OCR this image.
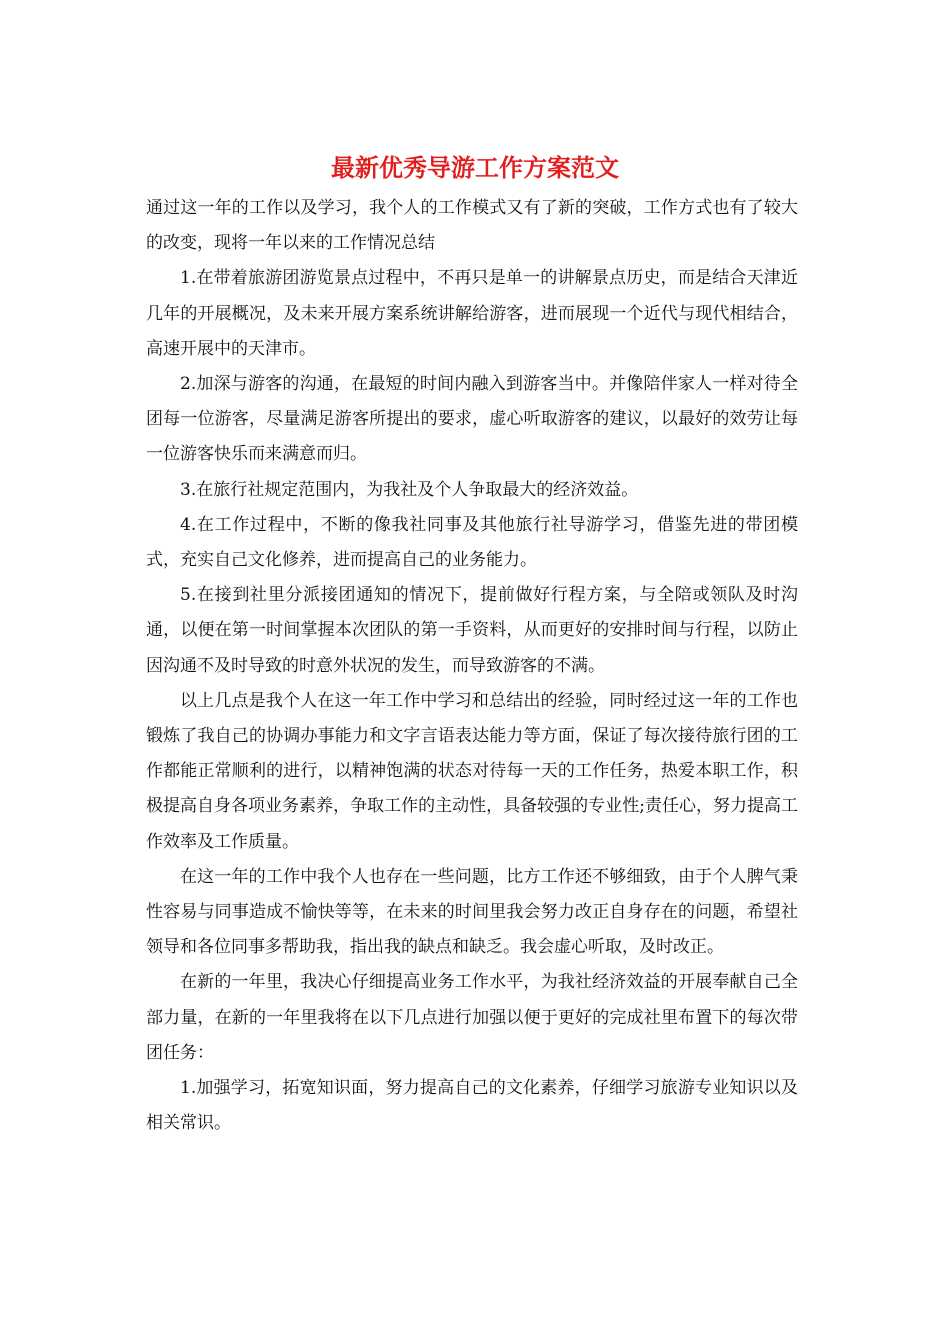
最新优秀导游工作方案范文

通过这一年的工作以及学习，我个人的工作模式又有了新的突破，工作方式也有了较大的改变，现将一年以来的工作情况总结

1.在带着旅游团游览景点过程中，不再只是单一的讲解景点历史，而是结合天津近几年的开展概况，及未来开展方案系统讲解给游客，进而展现一个近代与现代相结合，高速开展中的天津市。

2.加深与游客的沟通，在最短的时间内融入到游客当中。并像陪伴家人一样对待全团每一位游客，尽量满足游客所提出的要求，虚心听取游客的建议，以最好的效劳让每一位游客快乐而来满意而归。

3.在旅行社规定范围内，为我社及个人争取最大的经济效益。

4.在工作过程中，不断的像我社同事及其他旅行社导游学习，借鉴先进的带团模式，充实自己文化修养，进而提高自己的业务能力。

5.在接到社里分派接团通知的情况下，提前做好行程方案，与全陪或领队及时沟通，以便在第一时间掌握本次团队的第一手资料，从而更好的安排时间与行程，以防止因沟通不及时导致的时意外状况的发生，而导致游客的不满。

以上几点是我个人在这一年工作中学习和总结出的经验，同时经过这一年的工作也锻炼了我自己的协调办事能力和文字言语表达能力等方面，保证了每次接待旅行团的工作都能正常顺利的进行，以精神饱满的状态对待每一天的工作任务，热爱本职工作，积极提高自身各项业务素养，争取工作的主动性，具备较强的专业性;责任心，努力提高工作效率及工作质量。

在这一年的工作中我个人也存在一些问题，比方工作还不够细致，由于个人脾气秉性容易与同事造成不愉快等等，在未来的时间里我会努力改正自身存在的问题，希望社领导和各位同事多帮助我，指出我的缺点和缺乏。我会虚心听取，及时改正。

在新的一年里，我决心仔细提高业务工作水平，为我社经济效益的开展奉献自己全部力量，在新的一年里我将在以下几点进行加强以便于更好的完成社里布置下的每次带团任务：

1.加强学习，拓宽知识面，努力提高自己的文化素养，仔细学习旅游专业知识以及相关常识。
